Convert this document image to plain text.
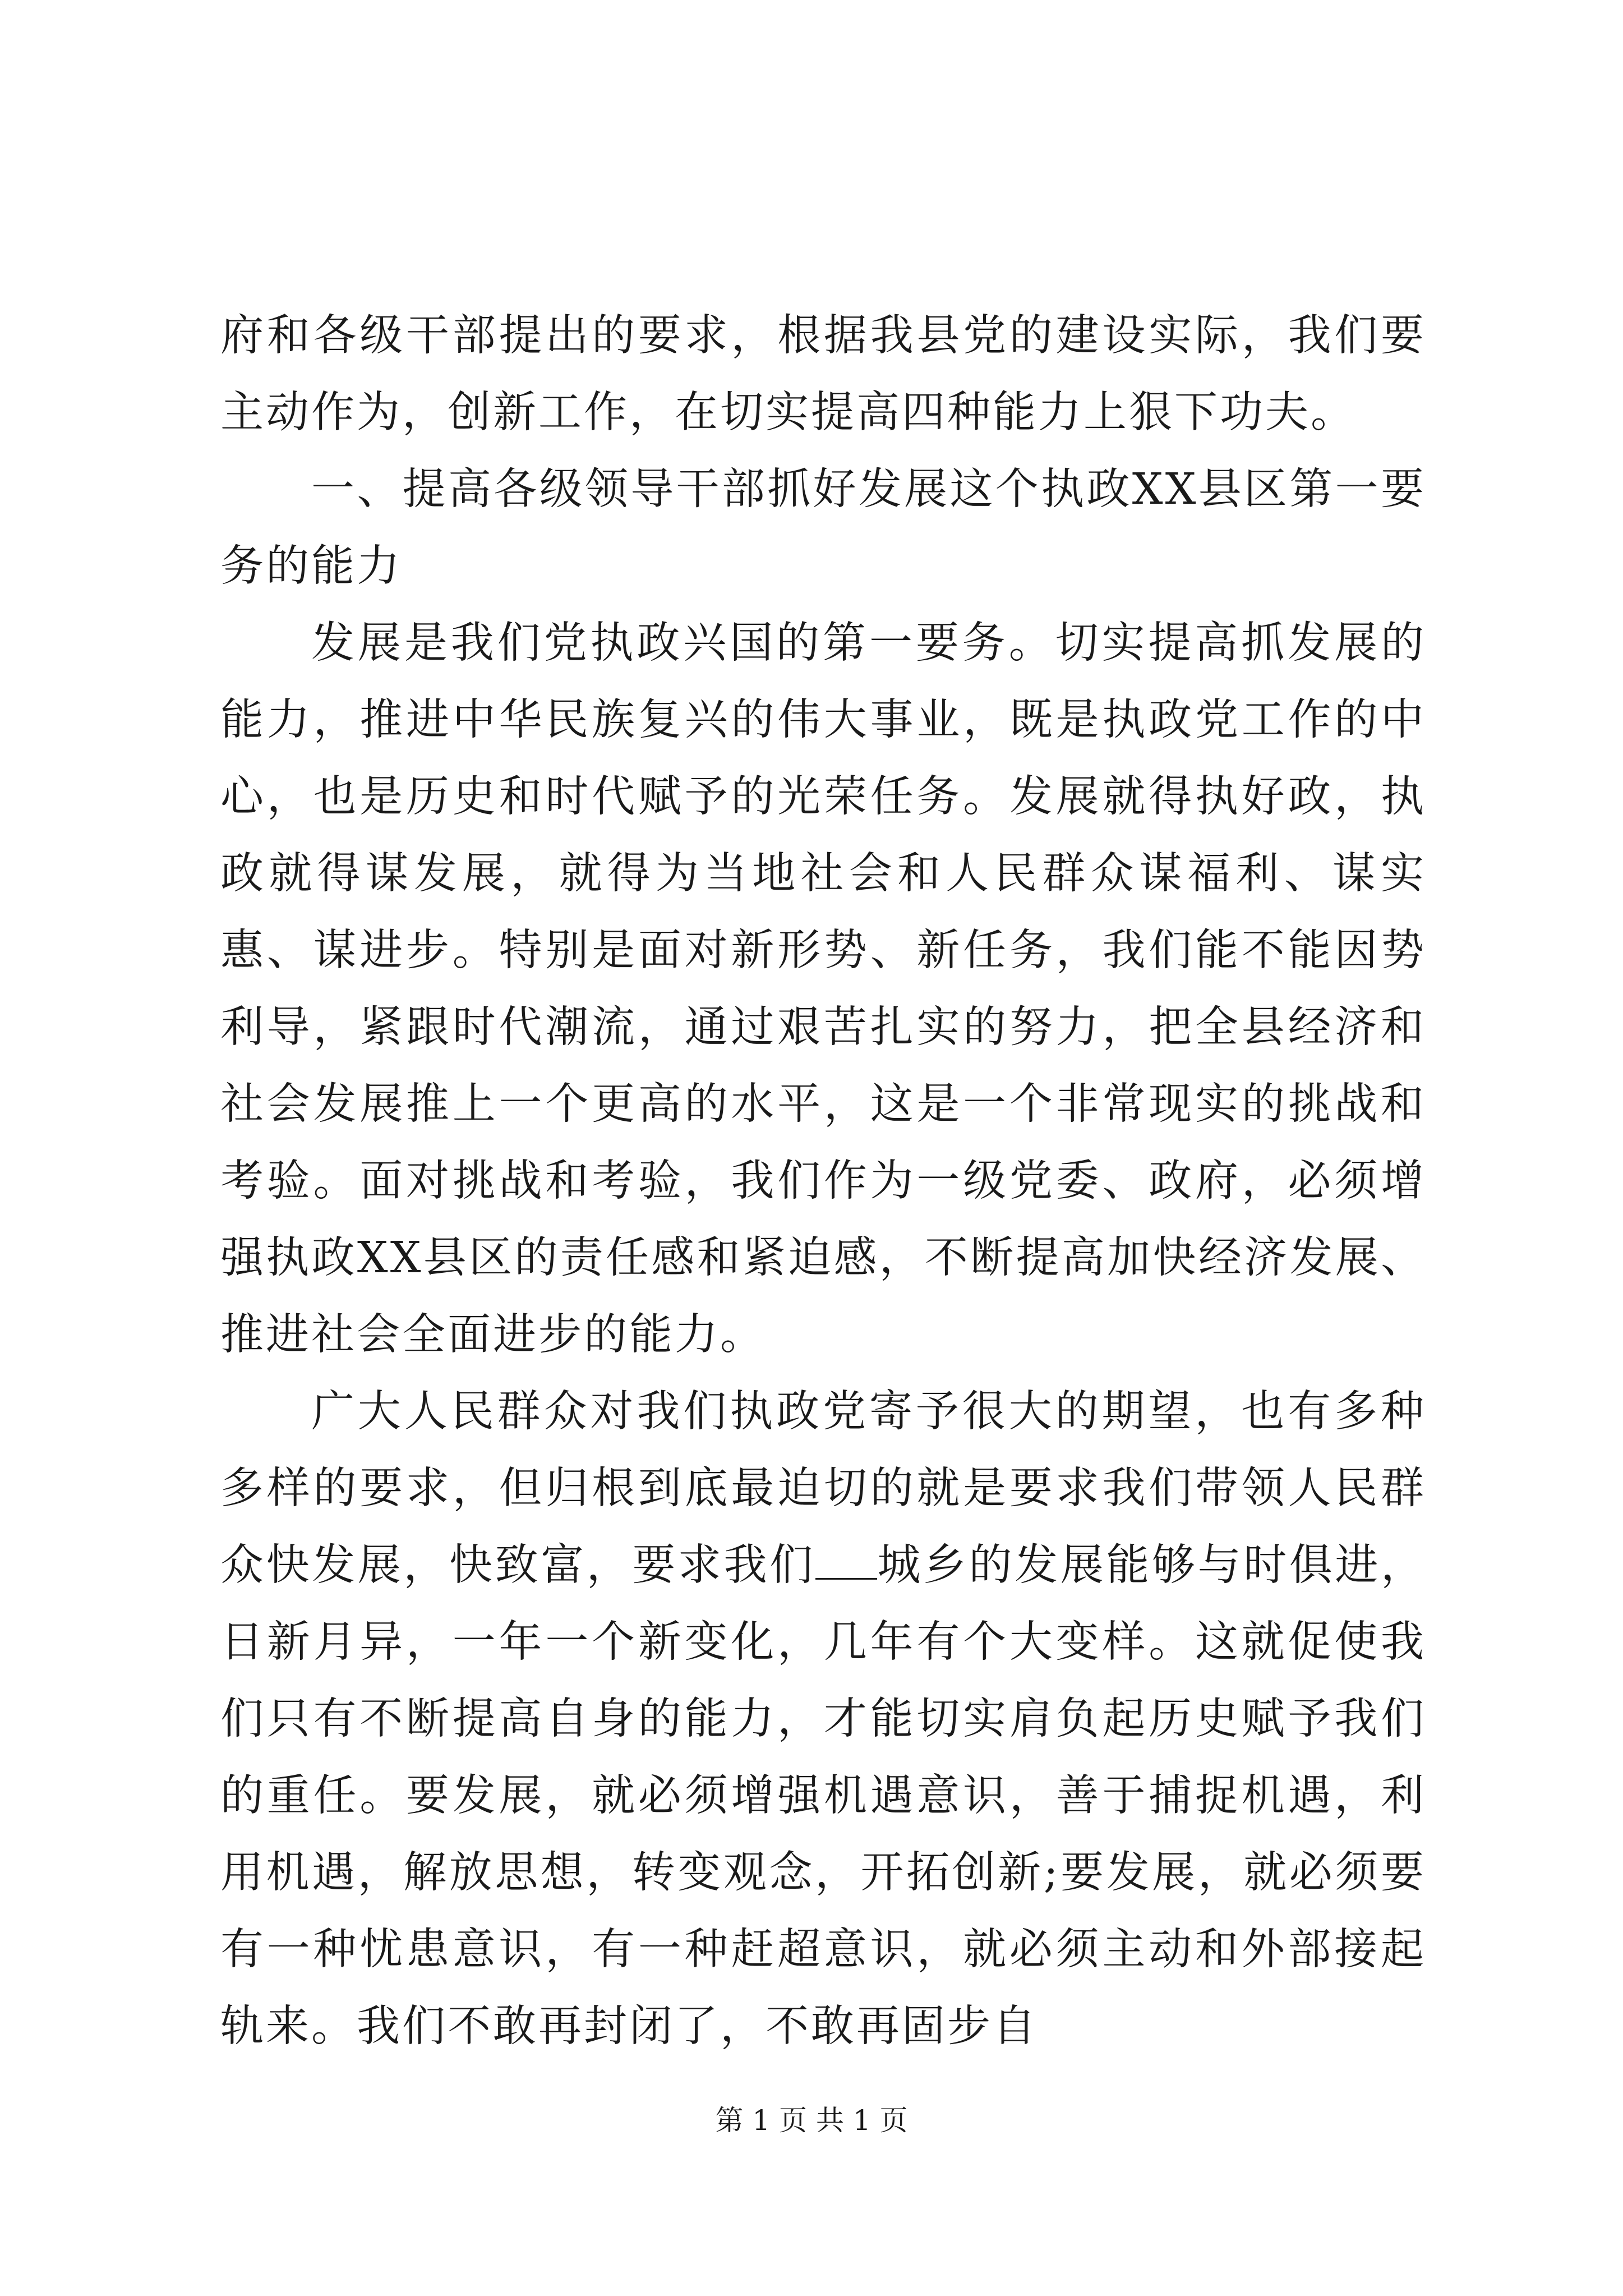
府和各级干部提出的要求，根据我县党的建设实际，我们要主动作为，创新工作，在切实提高四种能力上狠下功夫。

一、提高各级领导干部抓好发展这个执政XX县区第一要务的能力

发展是我们党执政兴国的第一要务。切实提高抓发展的能力，推进中华民族复兴的伟大事业，既是执政党工作的中心，也是历史和时代赋予的光荣任务。发展就得执好政，执政就得谋发展，就得为当地社会和人民群众谋福利、谋实惠、谋进步。特别是面对新形势、新任务，我们能不能因势利导，紧跟时代潮流，通过艰苦扎实的努力，把全县经济和社会发展推上一个更高的水平，这是一个非常现实的挑战和考验。面对挑战和考验，我们作为一级党委、政府，必须增强执政XX县区的责任感和紧迫感，不断提高加快经济发展、推进社会全面进步的能力。

广大人民群众对我们执政党寄予很大的期望，也有多种多样的要求，但归根到底最迫切的就是要求我们带领人民群众快发展，快致富，要求我们 城乡的发展能够与时俱进，日新月异，一年一个新变化，几年有个大变样。这就促使我们只有不断提高自身的能力，才能切实肩负起历史赋予我们的重任。要发展，就必须增强机遇意识，善于捕捉机遇，利用机遇，解放思想，转变观念，开拓创新;要发展，就必须要有一种忧患意识，有一种赶超意识，就必须主动和外部接起轨来。我们不敢再封闭了，不敢再固步自

第 1 页 共 1 页
